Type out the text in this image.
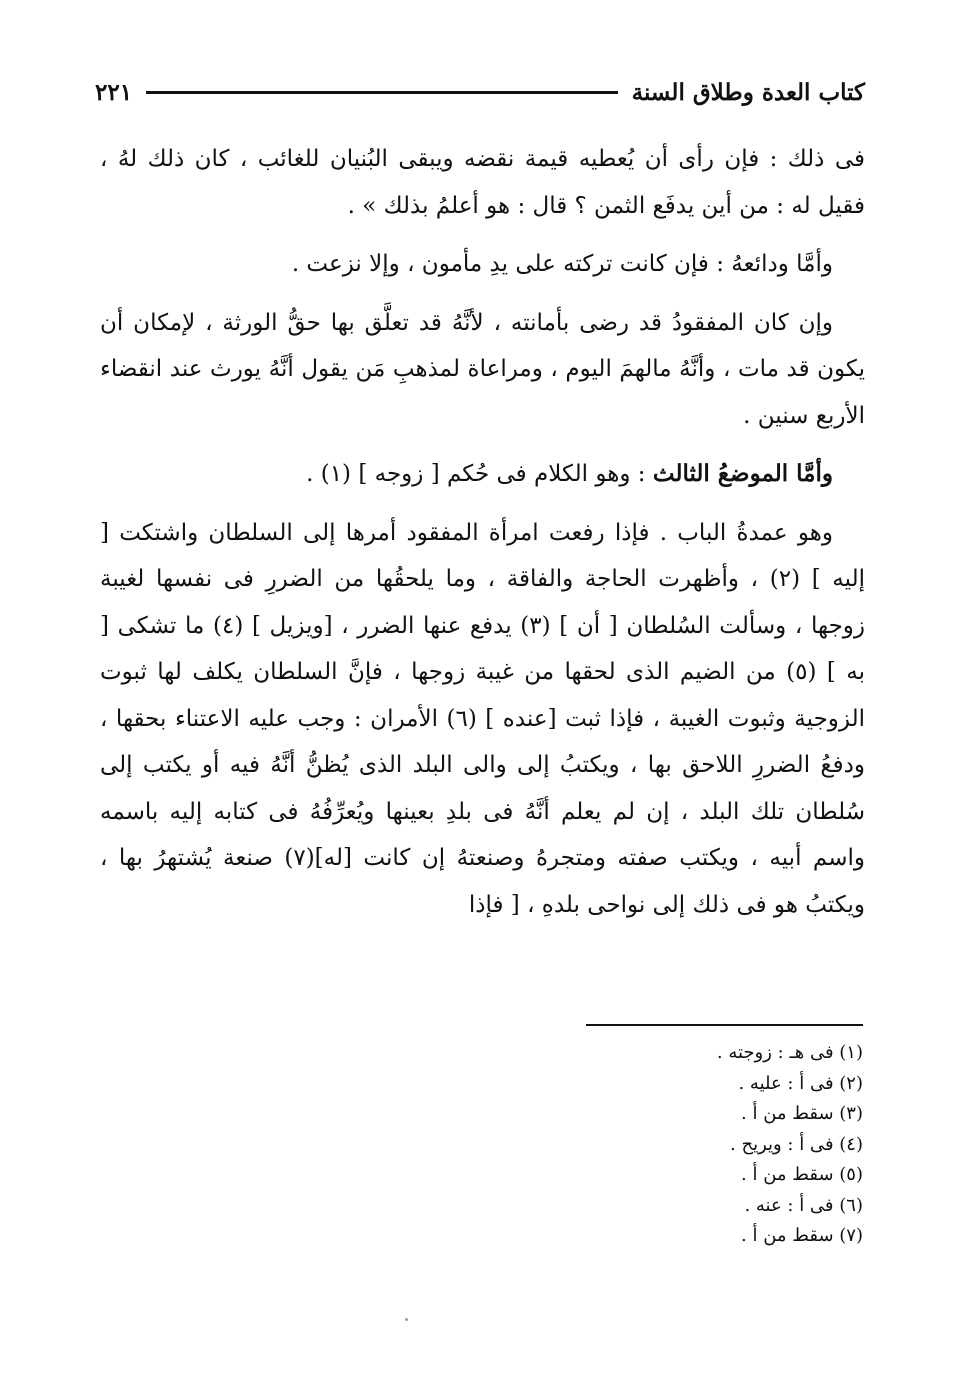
كتاب العدة وطلاق السنة
٢٢١

فى ذلك : فإن رأى أن يُعطيه قيمة نقضه ويبقى البُنيان للغائب ، كان ذلك لهُ ، فقيل له : من أين يدفَع الثمن ؟ قال : هو أعلمُ بذلك » .

وأمَّا ودائعهُ : فإن كانت تركته على يدِ مأمون ، وإلا نزعت .

وإن كان المفقودُ قد رضى بأمانته ، لأنَّهُ قد تعلَّق بها حقُّ الورثة ، لإمكان أن يكون قد مات ، وأنَّهُ مالهمَ اليوم ، ومراعاة لمذهبِ مَن يقول أنَّهُ يورث عند انقضاء الأربع سنين .

وأمَّا الموضعُ الثالث : وهو الكلام فى حُكم [ زوجه ] (١) .

وهو عمدةُ الباب . فإذا رفعت امرأة المفقود أمرها إلى السلطان واشتكت [ إليه ] (٢) ، وأظهرت الحاجة والفاقة ، وما يلحقُها من الضررِ فى نفسها لغيبة زوجها ، وسألت السُلطان [ أن ] (٣) يدفع عنها الضرر ، [ويزيل ] (٤) ما تشكى [ به ] (٥) من الضيم الذى لحقها من غيبة زوجها ، فإنَّ السلطان يكلف لها ثبوت الزوجية وثبوت الغيبة ، فإذا ثبت [عنده ] (٦) الأمران : وجب عليه الاعتناء بحقها ، ودفعُ الضررِ اللاحق بها ، ويكتبُ إلى والى البلد الذى يُظنُّ أنَّهُ فيه أو يكتب إلى سُلطان تلك البلد ، إن لم يعلم أنَّهُ فى بلدِ بعينها ويُعرِّفُهُ فى كتابه إليه باسمه واسم أبيه ، ويكتب صفته ومتجرهُ وصنعتهُ إن كانت [له](٧) صنعة يُشتهرُ بها ، ويكتبُ هو فى ذلك إلى نواحى بلدهِ ، [ فإذا

(١) فى هـ : زوجته .
(٢) فى أ : عليه .
(٣) سقط من أ .
(٤) فى أ : ويريح .
(٥) سقط من أ .
(٦) فى أ : عنه .
(٧) سقط من أ .
